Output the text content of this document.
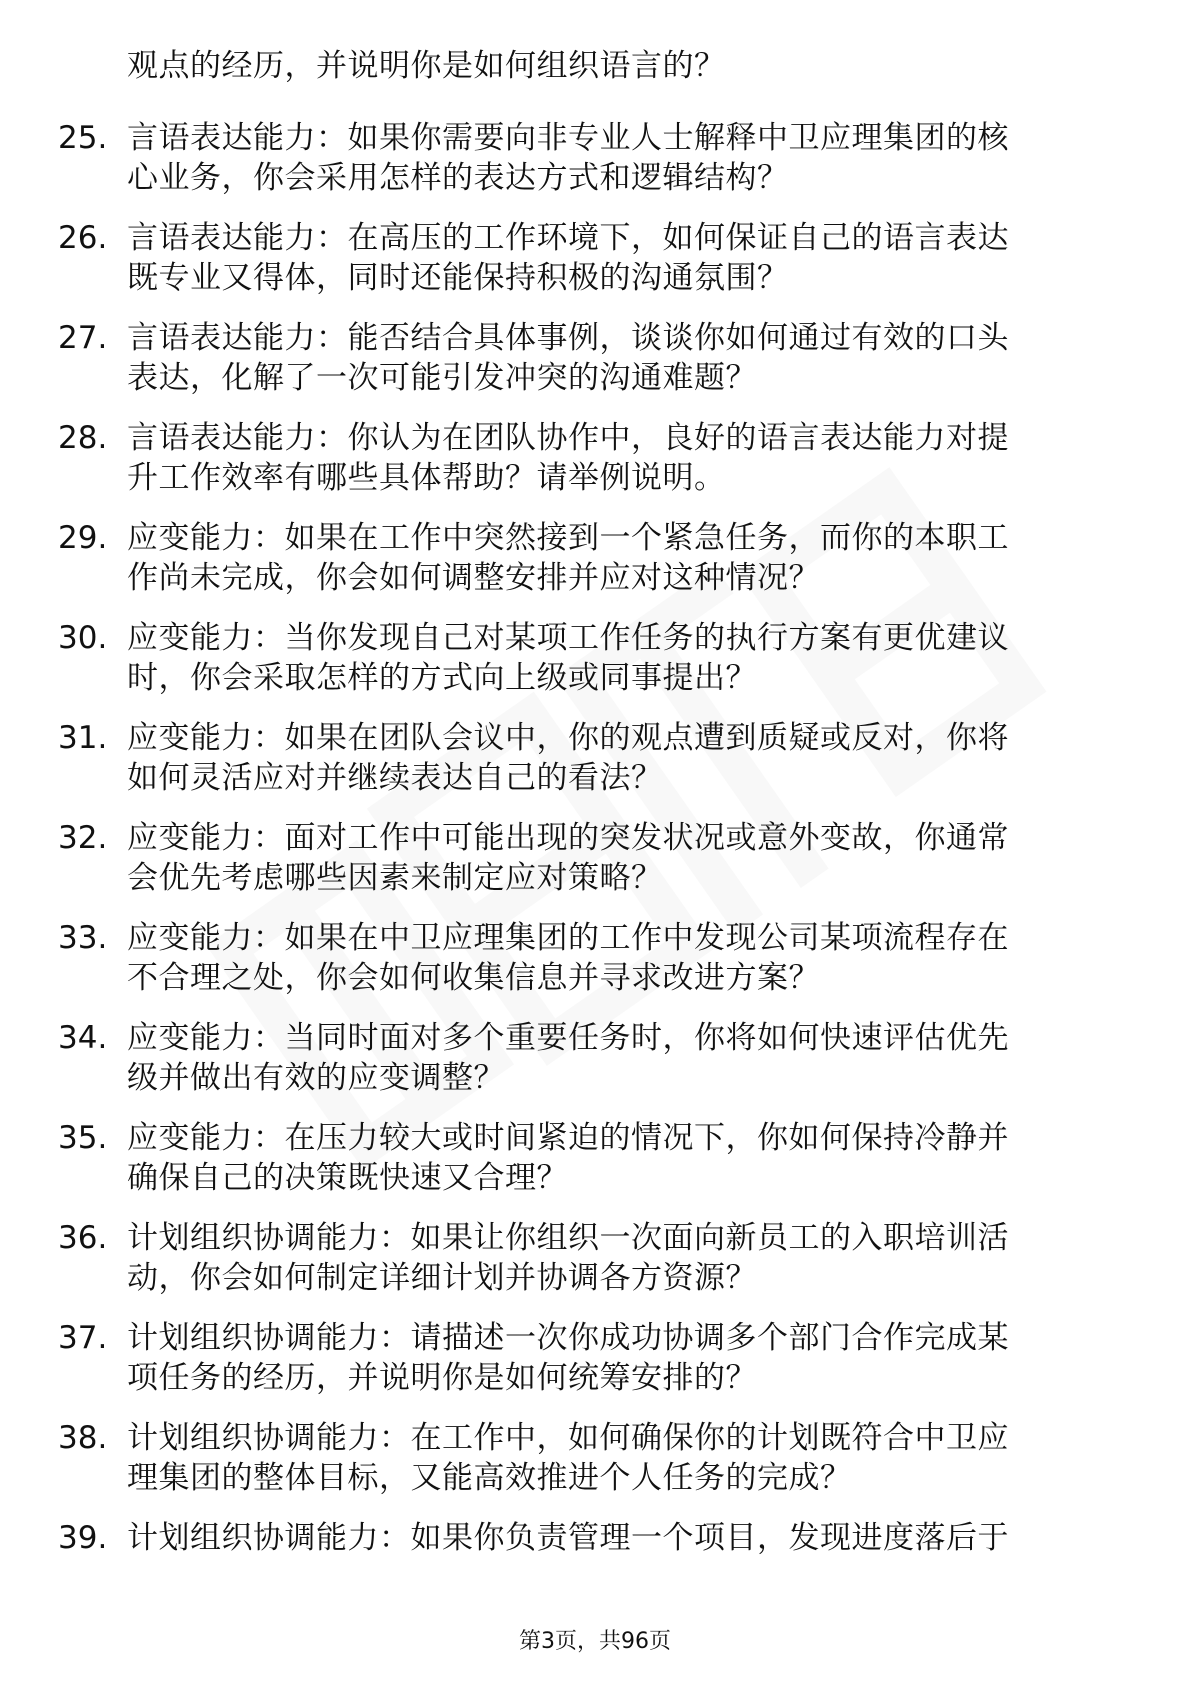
观点的经历，并说明你是如何组织语言的？
25. 言语表达能力：如果你需要向非专业人士解释中卫应理集团的核
心业务，你会采用怎样的表达方式和逻辑结构？
26. 言语表达能力：在高压的工作环境下，如何保证自己的语言表达
既专业又得体，同时还能保持积极的沟通氛围？
27. 言语表达能力：能否结合具体事例，谈谈你如何通过有效的口头
表达，化解了一次可能引发冲突的沟通难题？
28. 言语表达能力：你认为在团队协作中，良好的语言表达能力对提
升工作效率有哪些具体帮助？请举例说明。
29. 应变能力：如果在工作中突然接到一个紧急任务，而你的本职工
作尚未完成，你会如何调整安排并应对这种情况？
30. 应变能力：当你发现自己对某项工作任务的执行方案有更优建议
时，你会采取怎样的方式向上级或同事提出？
31. 应变能力：如果在团队会议中，你的观点遭到质疑或反对，你将
如何灵活应对并继续表达自己的看法？
32. 应变能力：面对工作中可能出现的突发状况或意外变故，你通常
会优先考虑哪些因素来制定应对策略？
33. 应变能力：如果在中卫应理集团的工作中发现公司某项流程存在
不合理之处，你会如何收集信息并寻求改进方案？
34. 应变能力：当同时面对多个重要任务时，你将如何快速评估优先
级并做出有效的应变调整？
35. 应变能力：在压力较大或时间紧迫的情况下，你如何保持冷静并
确保自己的决策既快速又合理？
36. 计划组织协调能力：如果让你组织一次面向新员工的入职培训活
动，你会如何制定详细计划并协调各方资源？
37. 计划组织协调能力：请描述一次你成功协调多个部门合作完成某
项任务的经历，并说明你是如何统筹安排的？
38. 计划组织协调能力：在工作中，如何确保你的计划既符合中卫应
理集团的整体目标，又能高效推进个人任务的完成？
39. 计划组织协调能力：如果你负责管理一个项目，发现进度落后于
第3页，共96页
